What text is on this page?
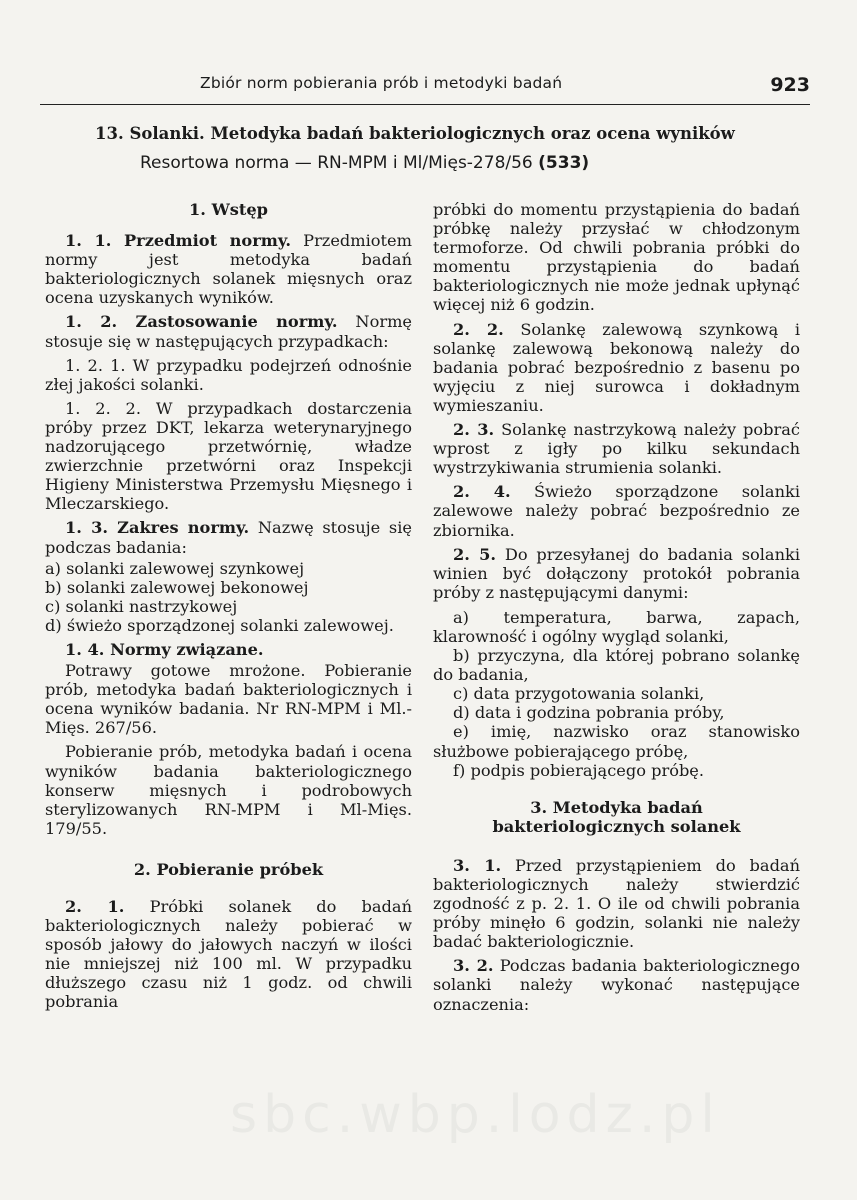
Zbiór norm pobierania prób i metodyki badań	923
13. Solanki. Metodyka badań bakteriologicznych oraz ocena wyników
Resortowa norma — RN-MPM i Ml/Mięs-278/56 (533)
1. Wstęp

1. 1. Przedmiot normy. Przedmiotem normy jest metodyka badań bakteriologicznych solanek mięsnych oraz ocena uzyskanych wyników.

1. 2. Zastosowanie normy. Normę stosuje się w następujących przypadkach:

1. 2. 1. W przypadku podejrzeń odnośnie złej jakości solanki.

1. 2. 2. W przypadkach dostarczenia próby przez DKT, lekarza weterynaryjnego nadzorującego przetwórnię, władze zwierzchnie przetwórni oraz Inspekcji Higieny Ministerstwa Przemysłu Mięsnego i Mleczarskiego.

1. 3. Zakres normy. Nazwę stosuje się podczas badania:

a) solanki zalewowej szynkowej

b) solanki zalewowej bekonowej

c) solanki nastrzykowej

d) świeżo sporządzonej solanki zalewowej.

1. 4. Normy związane.

Potrawy gotowe mrożone. Pobieranie prób, metodyka badań bakteriologicznych i ocena wyników badania. Nr RN-MPM i Ml.-Mięs. 267/56.

Pobieranie prób, metodyka badań i ocena wyników badania bakteriologicznego konserw mięsnych i podrobowych sterylizowanych RN-MPM i Ml-Mięs. 179/55.

2. Pobieranie próbek

2. 1. Próbki solanek do badań bakteriologicznych należy pobierać w sposób jałowy do jałowych naczyń w ilości nie mniejszej niż 100 ml. W przypadku dłuższego czasu niż 1 godz. od chwili pobrania

próbki do momentu przystąpienia do badań próbkę należy przysłać w chłodzonym termoforze. Od chwili pobrania próbki do momentu przystąpienia do badań bakteriologicznych nie może jednak upłynąć więcej niż 6 godzin.

2. 2. Solankę zalewową szynkową i solankę zalewową bekonową należy do badania pobrać bezpośrednio z basenu po wyjęciu z niej surowca i dokładnym wymieszaniu.

2. 3. Solankę nastrzykową należy pobrać wprost z igły po kilku sekundach wystrzykiwania strumienia solanki.

2. 4. Świeżo sporządzone solanki zalewowe należy pobrać bezpośrednio ze zbiornika.

2. 5. Do przesyłanej do badania solanki winien być dołączony protokół pobrania próby z następującymi danymi:

a) temperatura, barwa, zapach, klarowność i ogólny wygląd solanki,

b) przyczyna, dla której pobrano solankę do badania,

c) data przygotowania solanki,

d) data i godzina pobrania próby,

e) imię, nazwisko oraz stanowisko służbowe pobierającego próbę,

f) podpis pobierającego próbę.

3. Metodyka badań
bakteriologicznych solanek

3. 1. Przed przystąpieniem do badań bakteriologicznych należy stwierdzić zgodność z p. 2. 1. O ile od chwili pobrania próby minęło 6 godzin, solanki nie należy badać bakteriologicznie.

3. 2. Podczas badania bakteriologicznego solanki należy wykonać następujące oznaczenia:

sbc.wbp.lodz.pl
